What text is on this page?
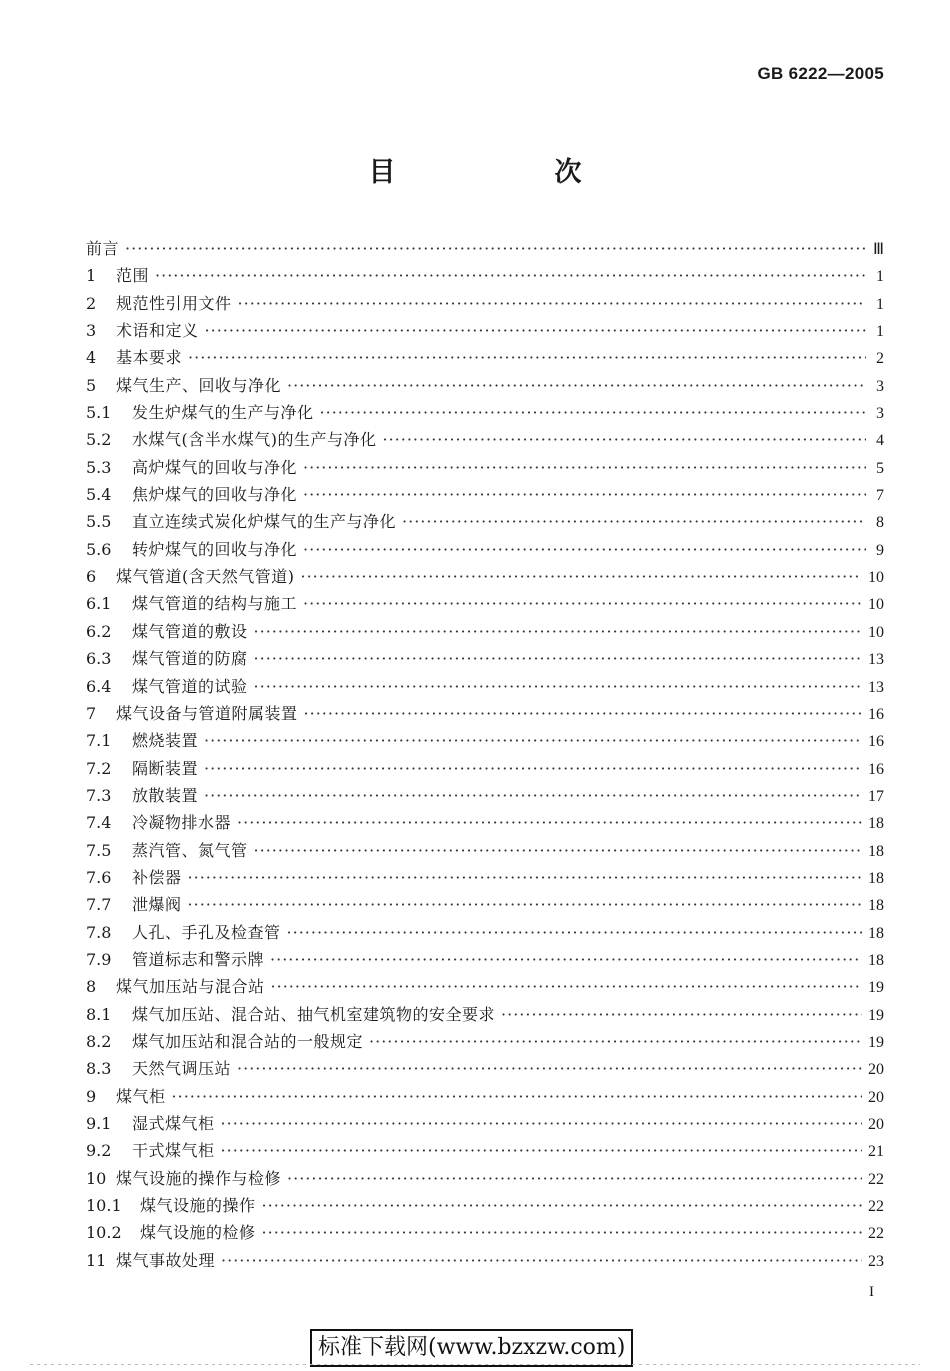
GB 6222—2005
目　次
前言 ·····	Ⅲ
1	范围 ·····	1
2	规范性引用文件 ·····	1
3	术语和定义 ·····	1
4	基本要求 ·····	2
5	煤气生产、回收与净化 ·····	3
5.1	发生炉煤气的生产与净化 ·····	3
5.2	水煤气(含半水煤气)的生产与净化 ·····	4
5.3	高炉煤气的回收与净化 ·····	5
5.4	焦炉煤气的回收与净化 ·····	7
5.5	直立连续式炭化炉煤气的生产与净化 ·····	8
5.6	转炉煤气的回收与净化 ·····	9
6	煤气管道(含天然气管道) ·····	10
6.1	煤气管道的结构与施工 ·····	10
6.2	煤气管道的敷设 ·····	10
6.3	煤气管道的防腐 ·····	13
6.4	煤气管道的试验 ·····	13
7	煤气设备与管道附属装置 ·····	16
7.1	燃烧装置 ·····	16
7.2	隔断装置 ·····	16
7.3	放散装置 ·····	17
7.4	冷凝物排水器 ·····	18
7.5	蒸汽管、氮气管 ·····	18
7.6	补偿器 ·····	18
7.7	泄爆阀 ·····	18
7.8	人孔、手孔及检查管 ·····	18
7.9	管道标志和警示牌 ·····	18
8	煤气加压站与混合站 ·····	19
8.1	煤气加压站、混合站、抽气机室建筑物的安全要求 ·····	19
8.2	煤气加压站和混合站的一般规定 ·····	19
8.3	天然气调压站 ·····	20
9	煤气柜 ·····	20
9.1	湿式煤气柜 ·····	20
9.2	干式煤气柜 ·····	21
10 煤气设施的操作与检修 ·····	22
10.1	煤气设施的操作 ·····	22
10.2	煤气设施的检修 ·····	22
11 煤气事故处理 ·····	23
I
标准下载网(www.bzxzw.com)
